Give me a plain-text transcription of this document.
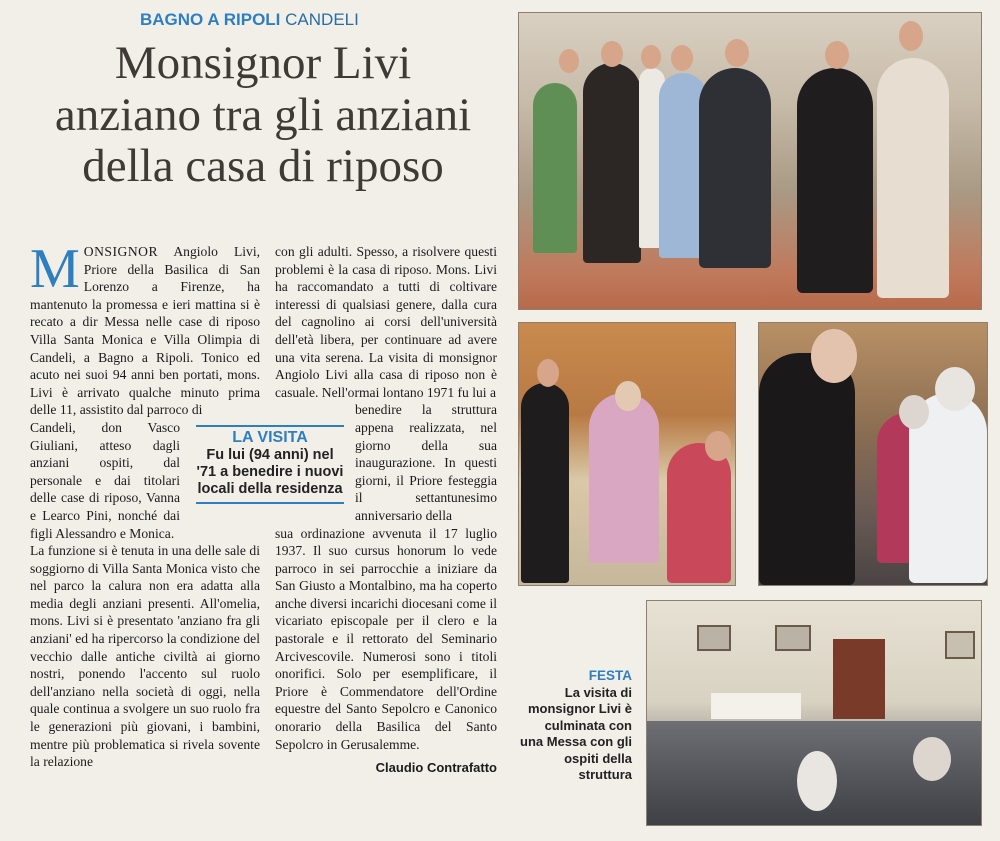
BAGNO A RIPOLI CANDELI
Monsignor Livi
anziano tra gli anziani
della casa di riposo

M ONSIGNOR Angiolo Livi, Priore della Basilica di San Lorenzo a Firenze, ha mantenuto la promessa e ieri mattina si è recato a dir Messa nelle case di riposo Villa Santa Monica e Villa Olimpia di Candeli, a Bagno a Ripoli. Tonico ed acuto nei suoi 94 anni ben portati, mons. Livi è arrivato qualche minuto prima delle 11, assistito dal parroco di

Candeli, don Vasco Giuliani, atteso dagli anziani ospiti, dal personale e dai titolari delle case di riposo, Vanna e Learco Pini, nonché dai figli Alessandro e Monica.

La funzione si è tenuta in una delle sale di soggiorno di Villa Santa Monica visto che nel parco la calura non era adatta alla media degli anziani presenti. All'omelia, mons. Livi si è presentato 'anziano fra gli anziani' ed ha ripercorso la condizione del vecchio dalle antiche civiltà ai giorno nostri, ponendo l'accento sul ruolo dell'anziano nella società di oggi, nella quale continua a svolgere un suo ruolo fra le generazioni più giovani, i bambini, mentre più problematica si rivela sovente la relazione

LA VISITA
Fu lui (94 anni) nel '71 a benedire i nuovi locali della residenza

con gli adulti. Spesso, a risolvere questi problemi è la casa di riposo. Mons. Livi ha raccomandato a tutti di coltivare interessi di qualsiasi genere, dalla cura del cagnolino ai corsi dell'università dell'età libera, per continuare ad avere una vita serena. La visita di monsignor Angiolo Livi alla casa di riposo non è casuale. Nell'ormai lontano 1971 fu lui a

benedire la struttura appena realizzata, nel giorno della sua inaugurazione. In questi giorni, il Priore festeggia il settantunesimo anniversario della

sua ordinazione avvenuta il 17 luglio 1937. Il suo cursus honorum lo vede parroco in sei parrocchie a iniziare da San Giusto a Montalbino, ma ha coperto anche diversi incarichi diocesani come il vicariato episcopale per il clero e la pastorale e il rettorato del Seminario Arcivescovile. Numerosi sono i titoli onorifici. Solo per esemplificare, il Priore è Commendatore dell'Ordine equestre del Santo Sepolcro e Canonico onorario della Basilica del Santo Sepolcro in Gerusalemme.

Claudio Contrafatto
FESTA
La visita di monsignor Livi è culminata con una Messa con gli ospiti della struttura
